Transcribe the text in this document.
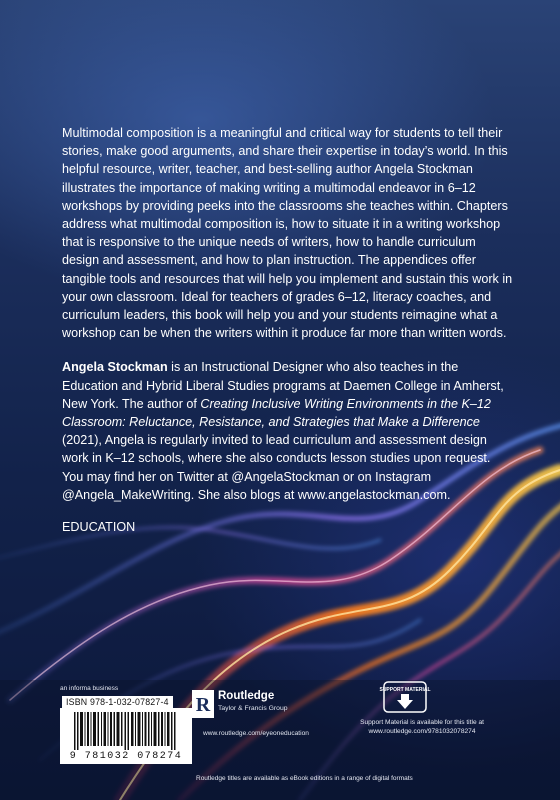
Multimodal composition is a meaningful and critical way for students to tell their stories, make good arguments, and share their expertise in today’s world. In this helpful resource, writer, teacher, and best-selling author Angela Stockman illustrates the importance of making writing a multimodal endeavor in 6–12 workshops by providing peeks into the classrooms she teaches within. Chapters address what multimodal composition is, how to situate it in a writing workshop that is responsive to the unique needs of writers, how to handle curriculum design and assessment, and how to plan instruction. The appendices offer tangible tools and resources that will help you implement and sustain this work in your own classroom. Ideal for teachers of grades 6–12, literacy coaches, and curriculum leaders, this book will help you and your students reimagine what a workshop can be when the writers within it produce far more than written words.

Angela Stockman is an Instructional Designer who also teaches in the Education and Hybrid Liberal Studies programs at Daemen College in Amherst, New York. The author of Creating Inclusive Writing Environments in the K–12 Classroom: Reluctance, Resistance, and Strategies that Make a Difference (2021), Angela is regularly invited to lead curriculum and assessment design work in K–12 schools, where she also conducts lesson studies upon request. You may find her on Twitter at @AngelaStockman or on Instagram @Angela_MakeWriting. She also blogs at www.angelastockman.com.

EDUCATION

an informa business
ISBN 978-1-032-07827-4
9 781032 078274
R Routledge
Taylor & Francis Group
www.routledge.com/eyeoneducation
SUPPORT MATERIAL
Support Material is available for this title at www.routledge.com/9781032078274
Routledge titles are available as eBook editions in a range of digital formats
